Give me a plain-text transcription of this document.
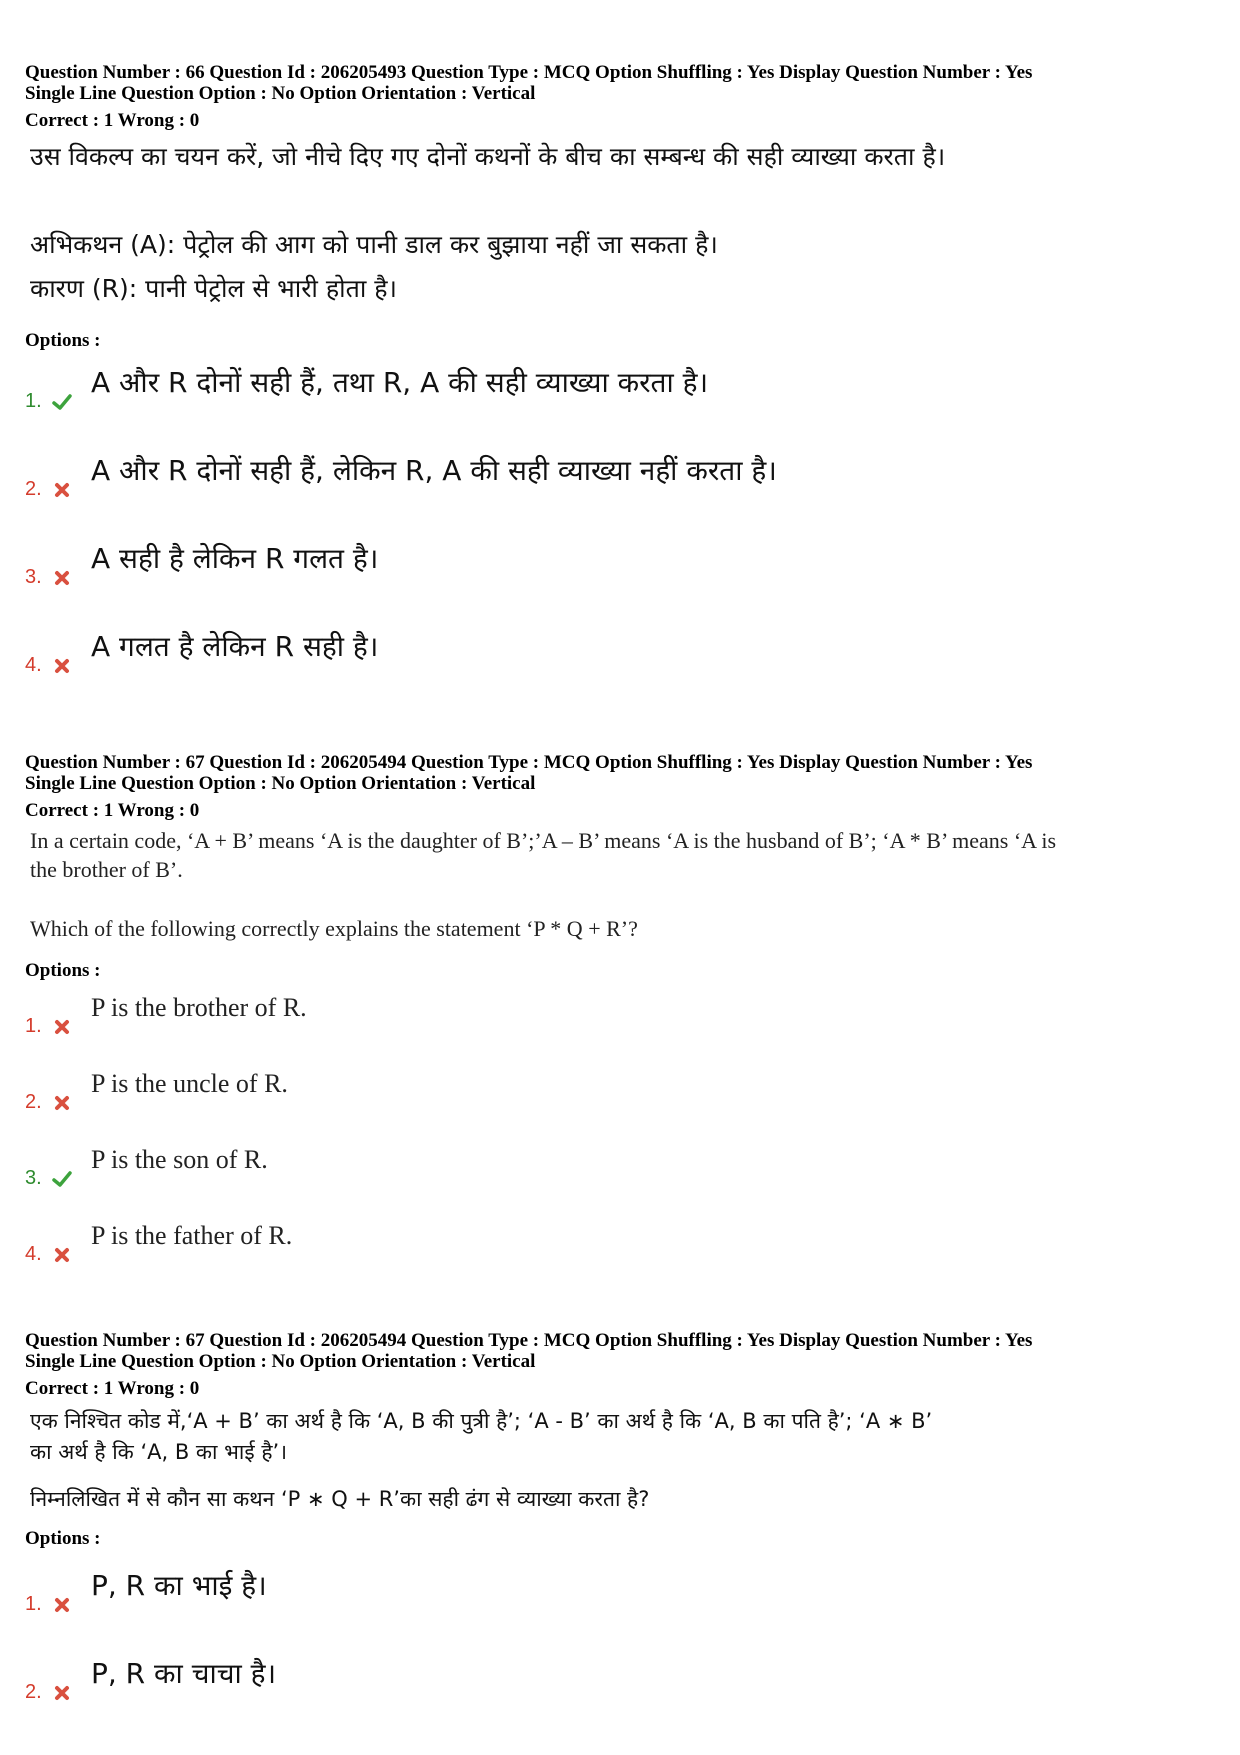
Question Number : 66 Question Id : 206205493 Question Type : MCQ Option Shuffling : Yes Display Question Number : Yes
Single Line Question Option : No Option Orientation : Vertical
Correct : 1 Wrong : 0
उस विकल्प का चयन करें, जो नीचे दिए गए दोनों कथनों के बीच का सम्बन्ध की सही व्याख्या करता है।
अभिकथन (A): पेट्रोल की आग को पानी डाल कर बुझाया नहीं जा सकता है।
कारण (R): पानी पेट्रोल से भारी होता है।
Options :
1.
A और R दोनों सही हैं, तथा R, A की सही व्याख्या करता है।
2.
A और R दोनों सही हैं, लेकिन R, A की सही व्याख्या नहीं करता है।
3.
A सही है लेकिन R गलत है।
4.
A गलत है लेकिन R सही है।
Question Number : 67 Question Id : 206205494 Question Type : MCQ Option Shuffling : Yes Display Question Number : Yes
Single Line Question Option : No Option Orientation : Vertical
Correct : 1 Wrong : 0
In a certain code, ‘A + B’ means ‘A is the daughter of B’;’A – B’ means ‘A is the husband of B’; ‘A * B’ means ‘A is
the brother of B’.
Which of the following correctly explains the statement ‘P * Q + R’?
Options :
1.
P is the brother of R.
2.
P is the uncle of R.
3.
P is the son of R.
4.
P is the father of R.
Question Number : 67 Question Id : 206205494 Question Type : MCQ Option Shuffling : Yes Display Question Number : Yes
Single Line Question Option : No Option Orientation : Vertical
Correct : 1 Wrong : 0
एक निश्चित कोड में,‘A + B’ का अर्थ है कि ‘A, B की पुत्री है’; ‘A - B’ का अर्थ है कि ‘A, B का पति है’; ‘A ∗ B’
का अर्थ है कि ‘A, B का भाई है’।
निम्नलिखित में से कौन सा कथन ‘P ∗ Q + R’का सही ढंग से व्याख्या करता है?
Options :
1.
P, R का भाई है।
2.
P, R का चाचा है।
